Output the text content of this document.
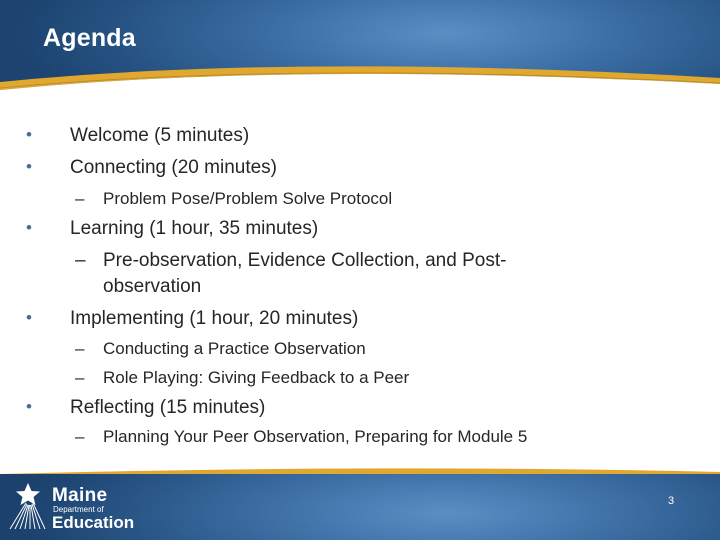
Agenda
• Welcome (5 minutes)
• Connecting (20 minutes)
– Problem Pose/Problem Solve Protocol
• Learning (1 hour, 35 minutes)
– Pre-observation, Evidence Collection, and Post-
observation
• Implementing (1 hour, 20 minutes)
– Conducting a Practice Observation
– Role Playing: Giving Feedback to a Peer
• Reflecting (15 minutes)
– Planning Your Peer Observation, Preparing for Module 5
Maine
Department of
Education
3
